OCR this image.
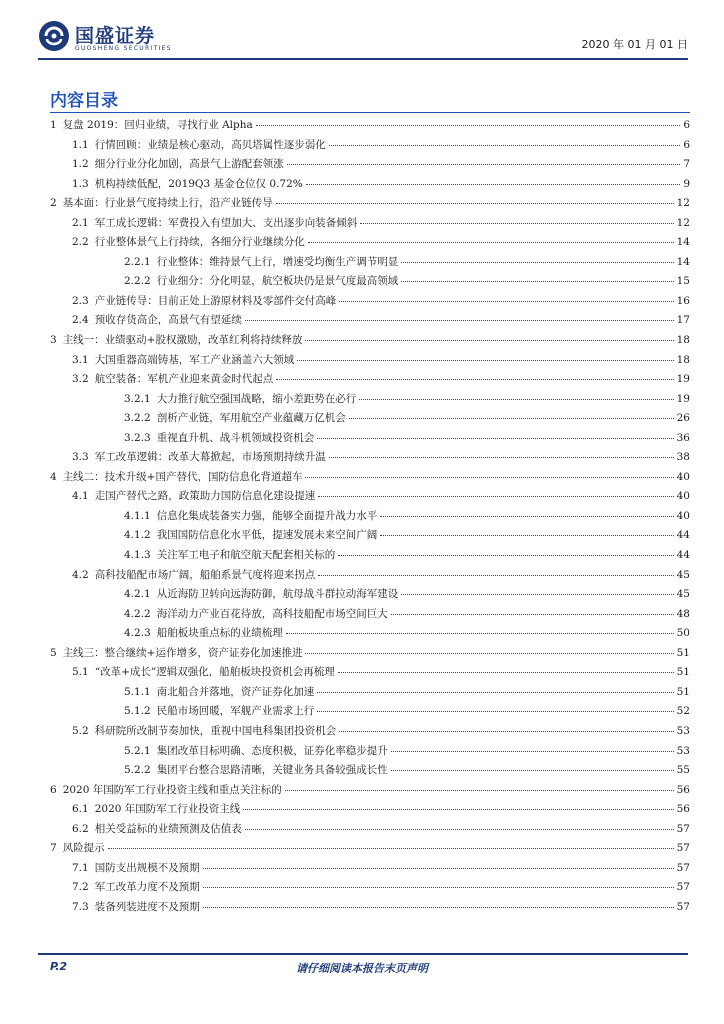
国盛证券
GUOSHENG SECURITIES	2020 年 01 月 01 日
内容目录
1 复盘 2019：回归业绩，寻找行业 Alpha	6
1.1 行情回顾：业绩是核心驱动，高贝塔属性逐步弱化	6
1.2 细分行业分化加剧，高景气上游配套领涨	7
1.3 机构持续低配，2019Q3 基金仓位仅 0.72%	9
2 基本面：行业景气度持续上行，沿产业链传导	12
2.1 军工成长逻辑：军费投入有望加大、支出逐步向装备倾斜	12
2.2 行业整体景气上行持续，各细分行业继续分化	14
2.2.1 行业整体：维持景气上行，增速受均衡生产调节明显	14
2.2.2 行业细分：分化明显，航空板块仍是景气度最高领域	15
2.3 产业链传导：目前正处上游原材料及零部件交付高峰	16
2.4 预收存货高企，高景气有望延续	17
3 主线一：业绩驱动+股权激励，改革红利将持续释放	18
3.1 大国重器高端铸基，军工产业涵盖六大领域	18
3.2 航空装备：军机产业迎来黄金时代起点	19
3.2.1 大力推行航空强国战略，缩小差距势在必行	19
3.2.2 剖析产业链，军用航空产业蕴藏万亿机会	26
3.2.3 重视直升机、战斗机领域投资机会	36
3.3 军工改革逻辑：改革大幕掀起，市场预期持续升温	38
4 主线二：技术升级+国产替代，国防信息化背道超车	40
4.1 走国产替代之路，政策助力国防信息化建设提速	40
4.1.1 信息化集成装备实力强，能够全面提升战力水平	40
4.1.2 我国国防信息化水平低，提速发展未来空间广阔	44
4.1.3 关注军工电子和航空航天配套相关标的	44
4.2 高科技船配市场广阔，船舶系景气度将迎来拐点	45
4.2.1 从近海防卫转向远海防御，航母战斗群拉动海军建设	45
4.2.2 海洋动力产业百花待放，高科技船配市场空间巨大	48
4.2.3 船舶板块重点标的业绩梳理	50
5 主线三：整合继续+运作增多，资产证券化加速推进	51
5.1 “改革+成长”逻辑双强化，船舶板块投资机会再梳理	51
5.1.1 南北船合并落地，资产证券化加速	51
5.1.2 民船市场回暖，军舰产业需求上行	52
5.2 科研院所改制节奏加快，重视中国电科集团投资机会	53
5.2.1 集团改革目标明确、态度积极，证券化率稳步提升	53
5.2.2 集团平台整合思路清晰，关键业务具备较强成长性	55
6 2020 年国防军工行业投资主线和重点关注标的	56
6.1 2020 年国防军工行业投资主线	56
6.2 相关受益标的业绩预测及估值表	57
7 风险提示	57
7.1 国防支出规模不及预期	57
7.2 军工改革力度不及预期	57
7.3 装备列装进度不及预期	57
请仔细阅读本报告末页声明
P.2
